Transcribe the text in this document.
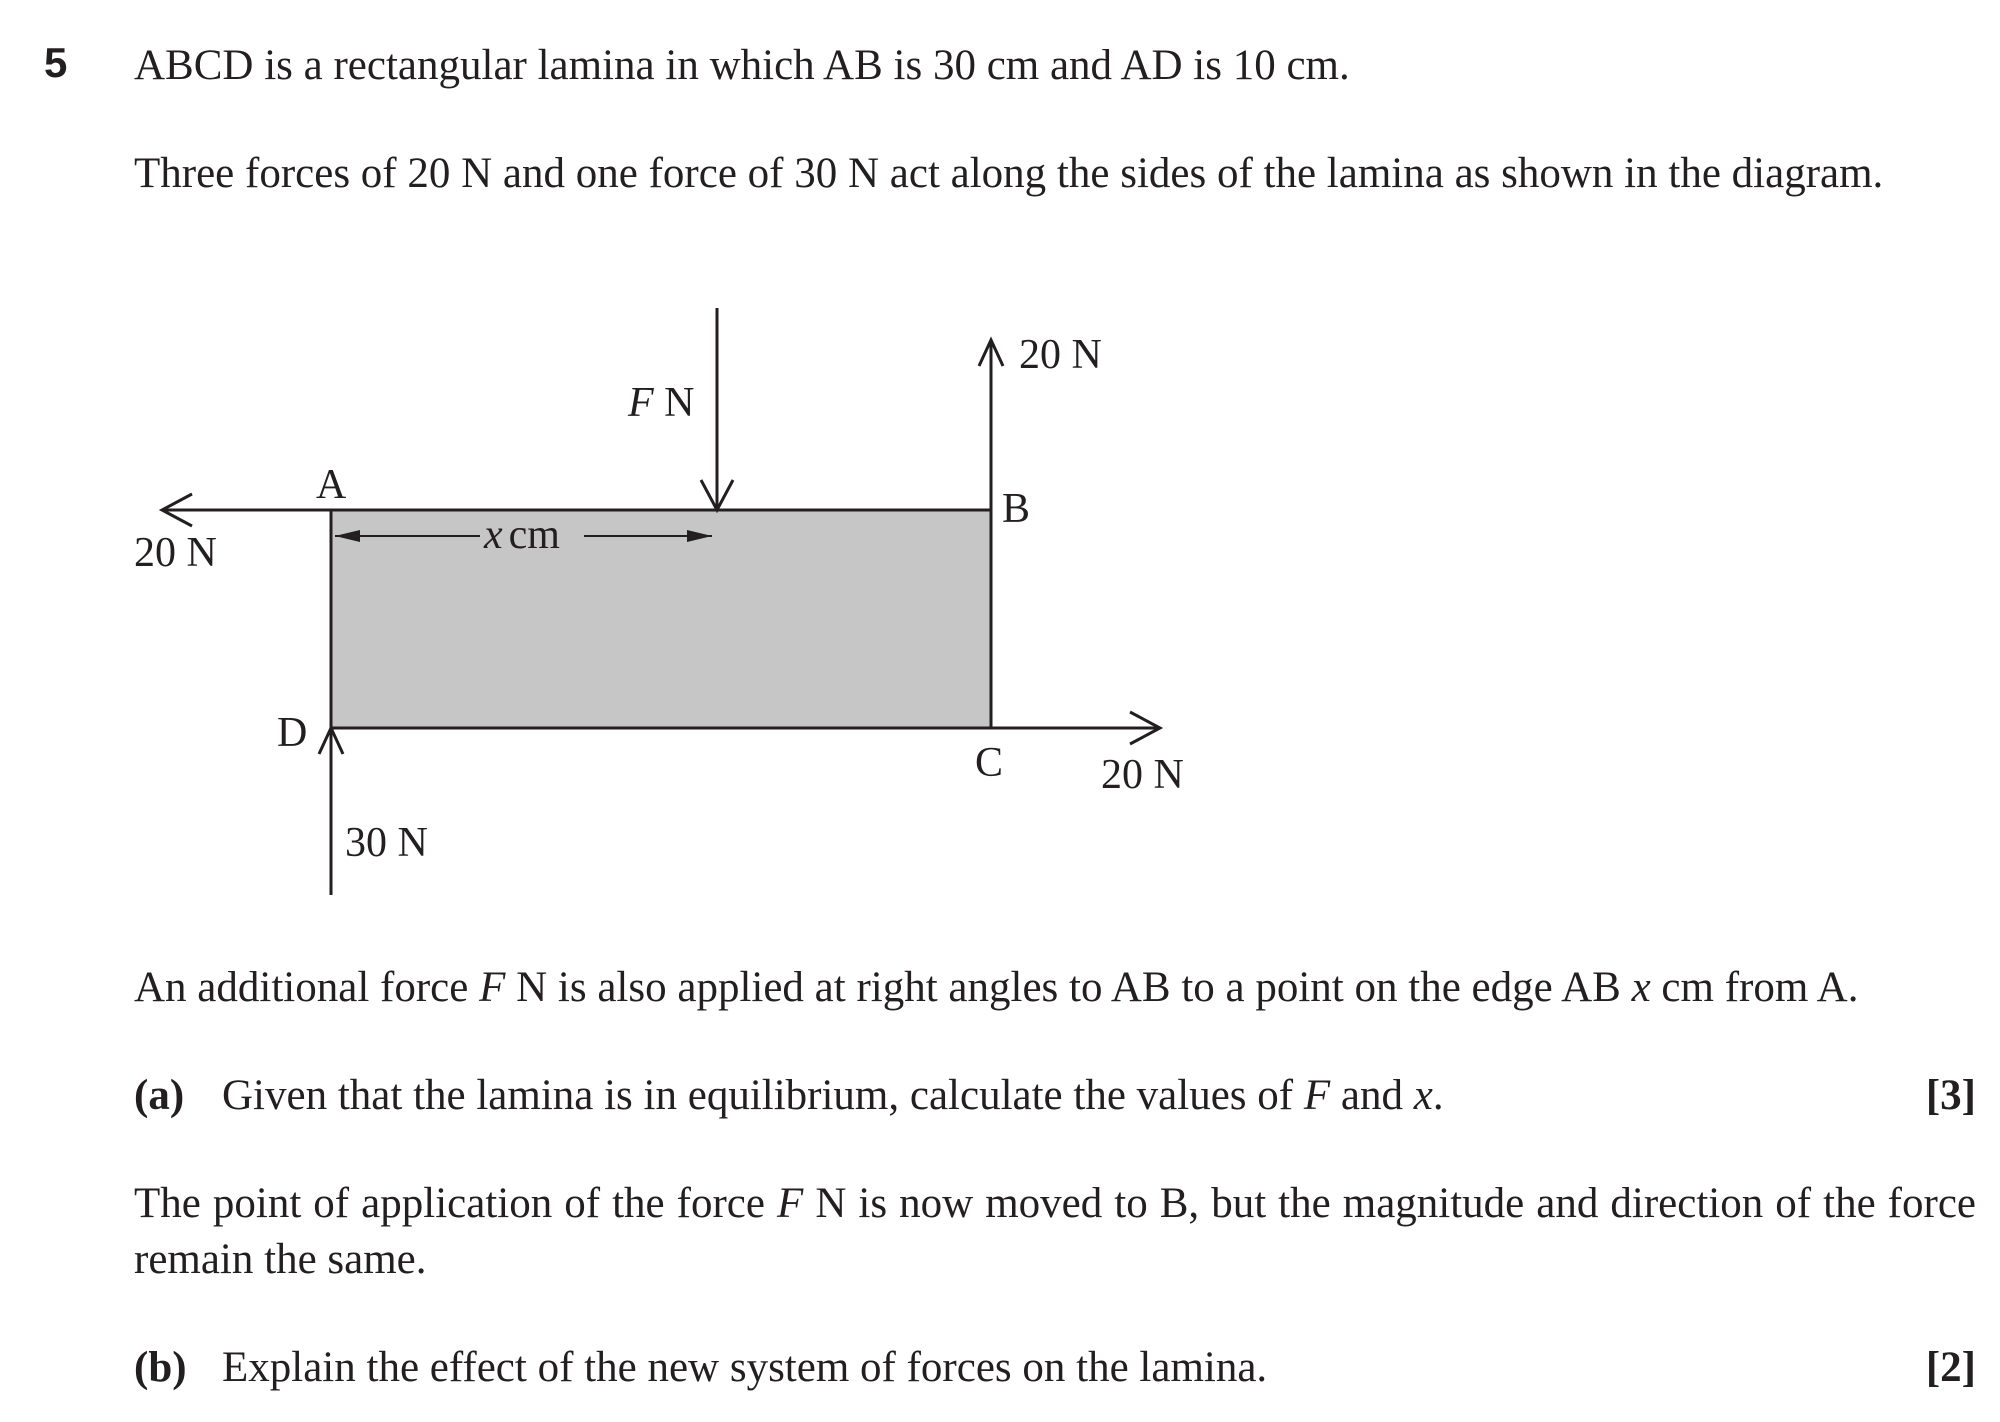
5 ABCD is a rectangular lamina in which AB is 30 cm and AD is 10 cm.

Three forces of 20 N and one force of 30 N act along the sides of the lamina as shown in the diagram.

A
B
C
D
20 N
20 N
20 N
30 N
F N
x cm

An additional force F N is also applied at right angles to AB to a point on the edge AB x cm from A.

(a) Given that the lamina is in equilibrium, calculate the values of F and x.	[3]

The point of application of the force F N is now moved to B, but the magnitude and direction of the force remain the same.

(b) Explain the effect of the new system of forces on the lamina.	[2]
